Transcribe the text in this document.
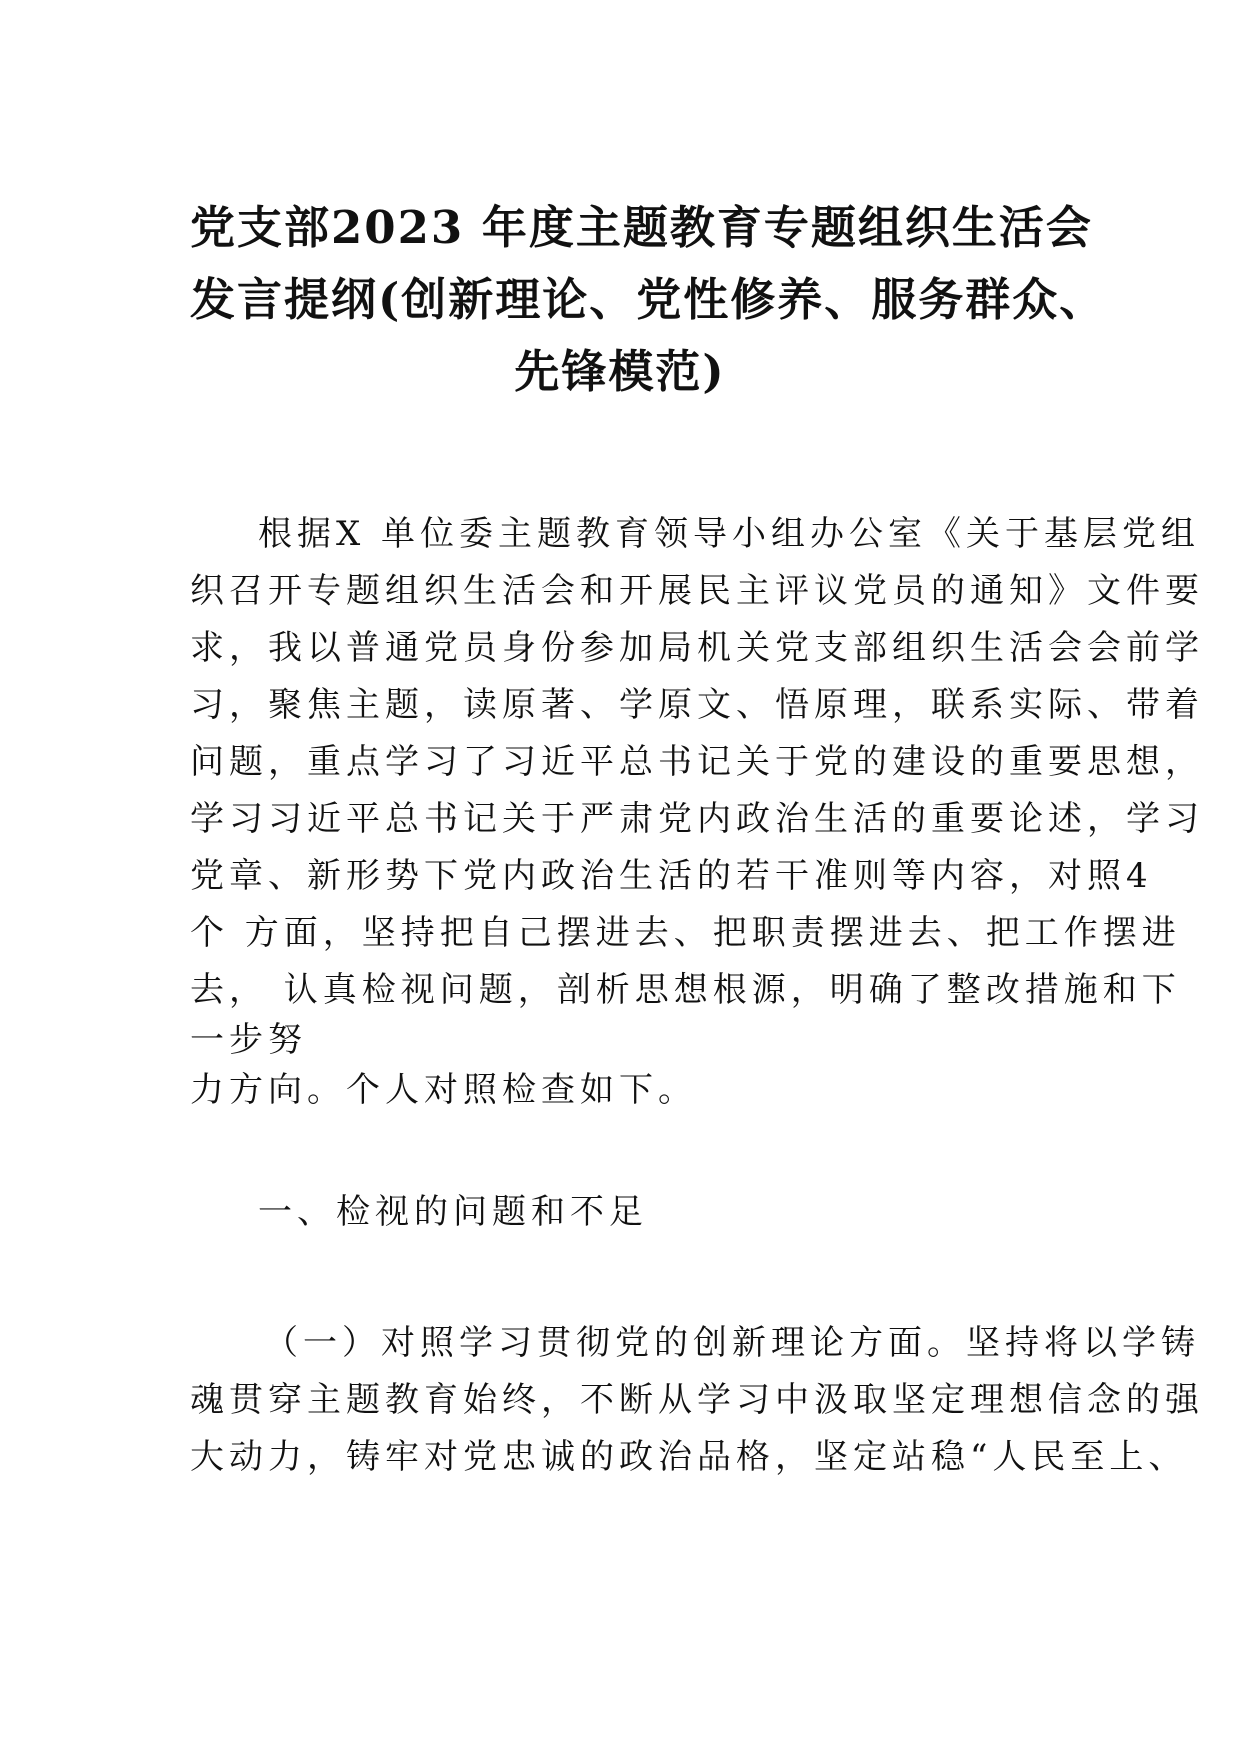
党支部2023 年度主题教育专题组织生活会
发言提纲(创新理论、党性修养、服务群众、
先锋模范)
根据X 单位委主题教育领导小组办公室《关于基层党组
织召开专题组织生活会和开展民主评议党员的通知》文件要
求，我以普通党员身份参加局机关党支部组织生活会会前学
习，聚焦主题，读原著、学原文、悟原理，联系实际、带着
问题，重点学习了习近平总书记关于党的建设的重要思想，
学习习近平总书记关于严肃党内政治生活的重要论述，学习
党章、新形势下党内政治生活的若干准则等内容，对照4
个 方面，坚持把自己摆进去、把职责摆进去、把工作摆进
去， 认真检视问题，剖析思想根源，明确了整改措施和下
一步努
力方向。个人对照检查如下。
一、检视的问题和不足
（一）对照学习贯彻党的创新理论方面。坚持将以学铸
魂贯穿主题教育始终，不断从学习中汲取坚定理想信念的强
大动力，铸牢对党忠诚的政治品格，坚定站稳“人民至上、
